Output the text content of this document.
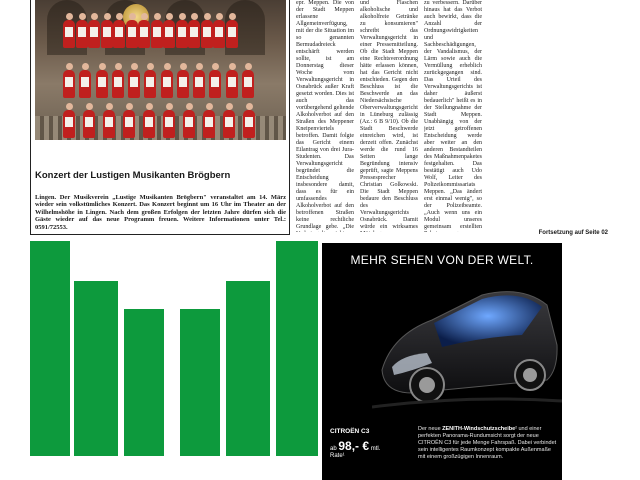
Konzert der Lustigen Musikanten Brögbern
Lingen. Der Musikverein „Lustige Musikanten Brögbern" veranstaltet am 14. März wieder sein volkstümliches Konzert. Das Konzert beginnt um 16 Uhr im Theater an der Wilhelmshöhe in Lingen. Nach dem großen Erfolgen der letzten Jahre dürfen sich die Gäste wieder auf das neue Programm freuen. Weitere Informationen unter Tel.: 0591/72553.

epr. Meppen. Die von der Stadt Meppen erlassene Allgemeinverfügung, mit der die Situation im so genannten Bermudadreieck entschärft werden sollte, ist am Donnerstag dieser Woche vom Verwaltungsgericht in Osnabrück außer Kraft gesetzt worden. Dies ist auch das vorübergehend geltende Alkoholverbot auf den Straßen des Meppener Kneipenviertels betroffen. Damit folgte das Gericht einem Eilantrag von drei Jura-Studenten. Das Verwaltungsgericht begründet die Entscheidung insbesondere damit, dass es für ein umfassendes Alkoholverbot auf den betroffenen Straßen keine rechtliche Grundlage gebe. „Die

und Flaschen alkoholische und alkoholfreie Getränke zu konsumieren" schreibt das Verwaltungsgericht in einer Pressemitteilung. Ob die Stadt Meppen eine Rechtsverordnung hätte erlassen können, hat das Gericht nicht entschieden. Gegen den Beschluss ist die Beschwerde an das Niedersächsische Oberverwaltungsgericht in Lüneburg zulässig (Az.: 6 B 9/10). Ob die Stadt Beschwerde einreichen wird, ist derzeit offen. Zunächst werde die rund 16 Seiten lange Begründung intensiv geprüft, sagte Meppens Pressesprecher Christian Golkowski. Die Stadt Meppen bedaure den Beschluss des Verwaltungsgerichts Osnabrück. Damit würde ein wirksames

zu verbessern. Darüber hinaus hat das Verbot auch bewirkt, dass die Anzahl der Ordnungswidrigkeiten und Sachbeschädigungen, der Vandalismus, der Lärm sowie auch die Vermüllung erheblich zurückgegangen sind. Das Urteil des Verwaltungsgerichts ist daher äußerst bedauerlich" heißt es in der Stellungnahme der Stadt Meppen. Unabhängig von der jetzt getroffenen Entscheidung werde aber weiter an den anderen Bestandteilen des Maßnahmenpaketes festgehalten. Das bestätigt auch Udo Wolf, Leiter des Polizeikommissariats Meppen. „Das ändert erst einmal wenig", so der Polizeibeamte. „Auch wenn uns ein Modul unseres gemeinsam erstellten

Fortsetzung auf Seite 02
MEHR SEHEN VON DER WELT.
CITROËN C3
ab 98,- € mtl. Rate¹
Der neue ZENITH-Windschutzscheibe² und einer perfekten Panoramа-Rundumsicht sorgt der neue CITROËN C3 für jede Menge Fahrspaß. Dabei verbindet sein intelligentes Raumkonzept kompakte Außenmaße mit einem großzügigen Innenraum.
